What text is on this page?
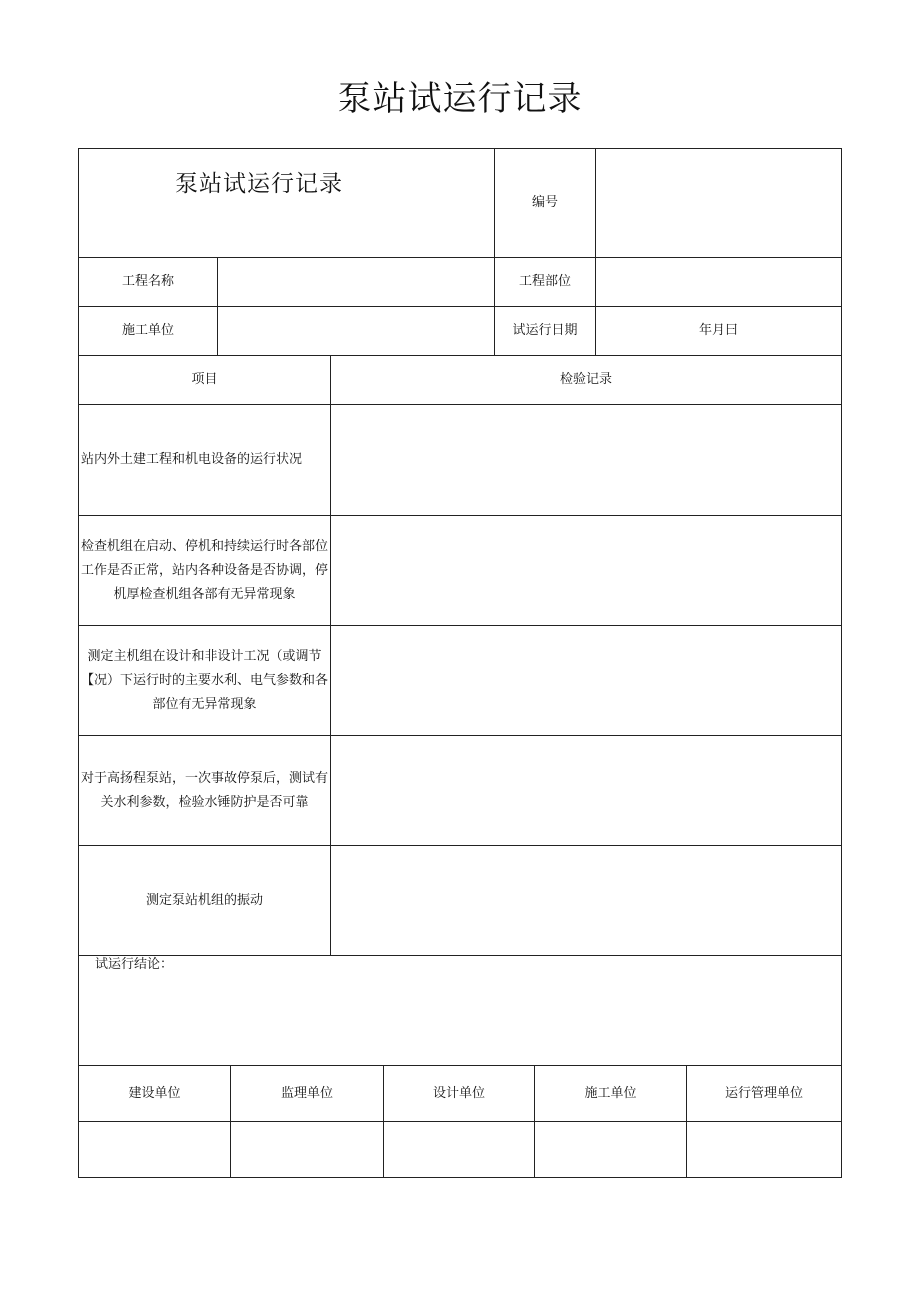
泵站试运行记录
泵站试运行记录					编号			
工程名称					工程部位			
施工单位					试运行日期		年月曰	
项目			检验记录					
站内外土建工程和机电设备的运行状况								
检查机组在启动、停机和持续运行时各部位工作是否正常，站内各种设备是否协调，停机厚检查机组各部有无异常现象								
测定主机组在设计和非设计工况（或调节【况）下运行时的主要水利、电气参数和各部位有无异常现象								
对于高扬程泵站，一次事故停泵后，测试有关水利参数，检验水锤防护是否可靠								
测定泵站机组的振动								

试运行结论：								

建设单位		监理单位		设计单位		施工单位		运行管理单位
